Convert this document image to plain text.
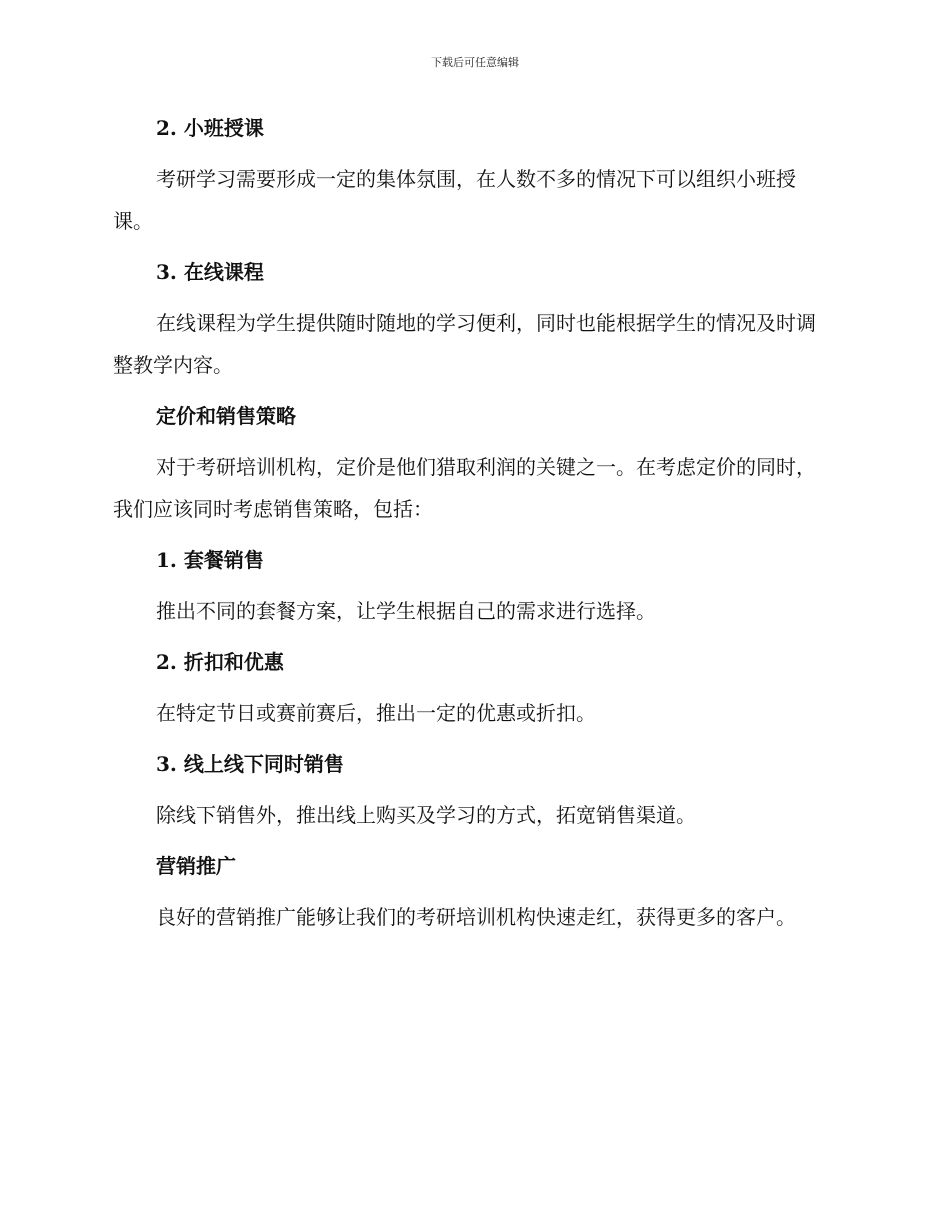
下载后可任意编辑
2. 小班授课
考研学习需要形成一定的集体氛围，在人数不多的情况下可以组织小班授课。
3. 在线课程
在线课程为学生提供随时随地的学习便利，同时也能根据学生的情况及时调整教学内容。
定价和销售策略
对于考研培训机构，定价是他们猎取利润的关键之一。在考虑定价的同时，我们应该同时考虑销售策略，包括：
1. 套餐销售
推出不同的套餐方案，让学生根据自己的需求进行选择。
2. 折扣和优惠
在特定节日或赛前赛后，推出一定的优惠或折扣。
3. 线上线下同时销售
除线下销售外，推出线上购买及学习的方式，拓宽销售渠道。
营销推广
良好的营销推广能够让我们的考研培训机构快速走红，获得更多的客户。
